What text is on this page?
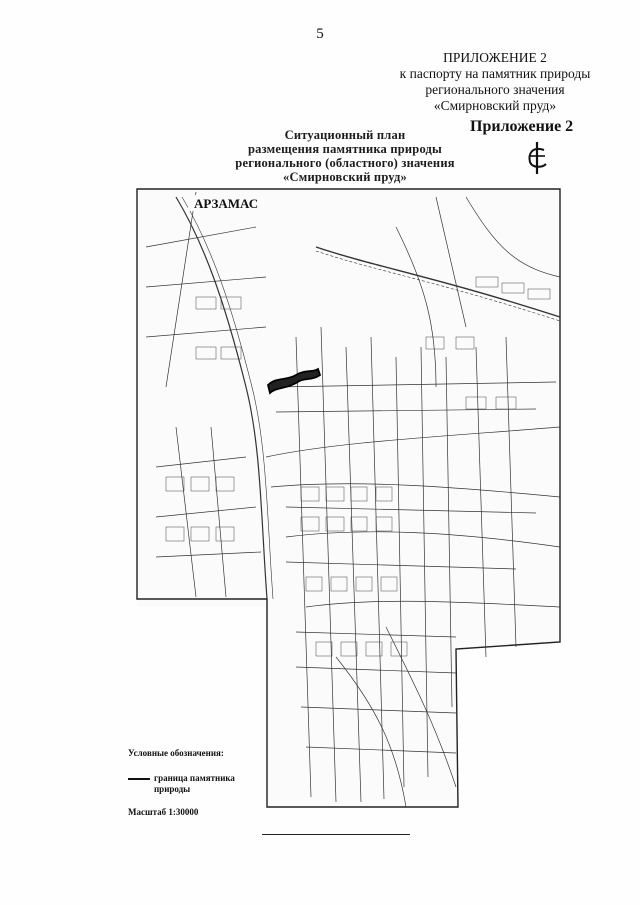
5
ПРИЛОЖЕНИЕ 2
к паспорту на памятник природы
регионального значения
«Смирновский пруд»
Ситуационный план
размещения памятника природы
регионального (областного) значения
«Смирновский пруд»
Приложение 2
АРЗАМАС
Условные обозначения:
граница памятника природы
Масштаб 1:30000
